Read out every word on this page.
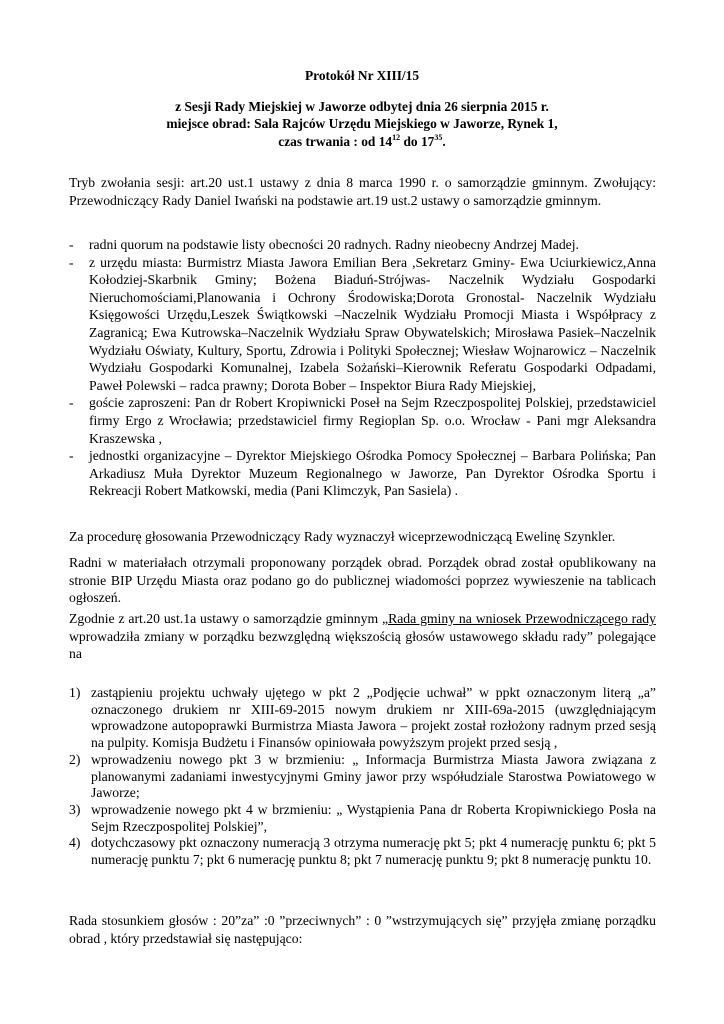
Protokół Nr XIII/15
z Sesji Rady Miejskiej w Jaworze odbytej dnia 26 sierpnia 2015 r.
miejsce obrad: Sala Rajców Urzędu Miejskiego w Jaworze, Rynek 1,
czas trwania : od $14^{12}$ do $17^{35}$.
Tryb zwołania sesji: art.20 ust.1 ustawy z dnia 8 marca 1990 r. o samorządzie gminnym. Zwołujący: Przewodniczący Rady Daniel Iwański na podstawie art.19 ust.2 ustawy o samorządzie gminnym.
- radni quorum na podstawie listy obecności 20 radnych. Radny nieobecny Andrzej Madej.
- z urzędu miasta: Burmistrz Miasta Jawora Emilian Bera ,Sekretarz Gminy- Ewa Uciurkiewicz,Anna Kołodziej-Skarbnik Gminy; Bożena Biaduń-Strójwas- Naczelnik Wydziału Gospodarki Nieruchomościami,Planowania i Ochrony Środowiska;Dorota Gronostal- Naczelnik Wydziału Księgowości Urzędu,Leszek Świątkowski –Naczelnik Wydziału Promocji Miasta i Współpracy z Zagranicą; Ewa Kutrowska–Naczelnik Wydziału Spraw Obywatelskich; Mirosława Pasiek–Naczelnik Wydziału Oświaty, Kultury, Sportu, Zdrowia i Polityki Społecznej; Wiesław Wojnarowicz – Naczelnik Wydziału Gospodarki Komunalnej, Izabela Sożański–Kierownik Referatu Gospodarki Odpadami, Paweł Polewski – radca prawny; Dorota Bober – Inspektor Biura Rady Miejskiej,
- goście zaproszeni: Pan dr Robert Kropiwnicki Poseł na Sejm Rzeczpospolitej Polskiej, przedstawiciel firmy Ergo z Wrocławia; przedstawiciel firmy Regioplan Sp. o.o. Wrocław - Pani mgr Aleksandra Kraszewska ,
- jednostki organizacyjne – Dyrektor Miejskiego Ośrodka Pomocy Społecznej – Barbara Polińska; Pan Arkadiusz Muła Dyrektor Muzeum Regionalnego w Jaworze, Pan Dyrektor Ośrodka Sportu i Rekreacji Robert Matkowski, media (Pani Klimczyk, Pan Sasiela) .
Za procedurę głosowania Przewodniczący Rady wyznaczył wiceprzewodniczącą Ewelinę Szynkler.
Radni w materiałach otrzymali proponowany porządek obrad. Porządek obrad został opublikowany na stronie BIP Urzędu Miasta oraz podano go do publicznej wiadomości poprzez wywieszenie na tablicach ogłoszeń.
Zgodnie z art.20 ust.1a ustawy o samorządzie gminnym „Rada gminy na wniosek Przewodniczącego rady wprowadziła zmiany w porządku bezwzględną większością głosów ustawowego składu rady” polegające na
1) zastąpieniu projektu uchwały ujętego w pkt 2 „Podjęcie uchwał” w ppkt oznaczonym literą „a” oznaczonego drukiem nr XIII-69-2015 nowym drukiem nr XIII-69a-2015 (uwzględniającym wprowadzone autopoprawki Burmistrza Miasta Jawora – projekt został rozłożony radnym przed sesją na pulpity. Komisja Budżetu i Finansów opiniowała powyższym projekt przed sesją ,
2) wprowadzeniu nowego pkt 3 w brzmieniu: „ Informacja Burmistrza Miasta Jawora związana z planowanymi zadaniami inwestycyjnymi Gminy jawor przy współudziale Starostwa Powiatowego w Jaworze;
3) wprowadzenie nowego pkt 4 w brzmieniu: „ Wystąpienia Pana dr Roberta Kropiwnickiego Posła na Sejm Rzeczpospolitej Polskiej”,
4) dotychczasowy pkt oznaczony numeracją 3 otrzyma numerację pkt 5; pkt 4 numerację punktu 6; pkt 5 numerację punktu 7; pkt 6 numerację punktu 8; pkt 7 numerację punktu 9; pkt 8 numerację punktu 10.
Rada stosunkiem głosów : 20”za” :0 ”przeciwnych” : 0 ”wstrzymujących się” przyjęła zmianę porządku obrad , który przedstawiał się następująco:
